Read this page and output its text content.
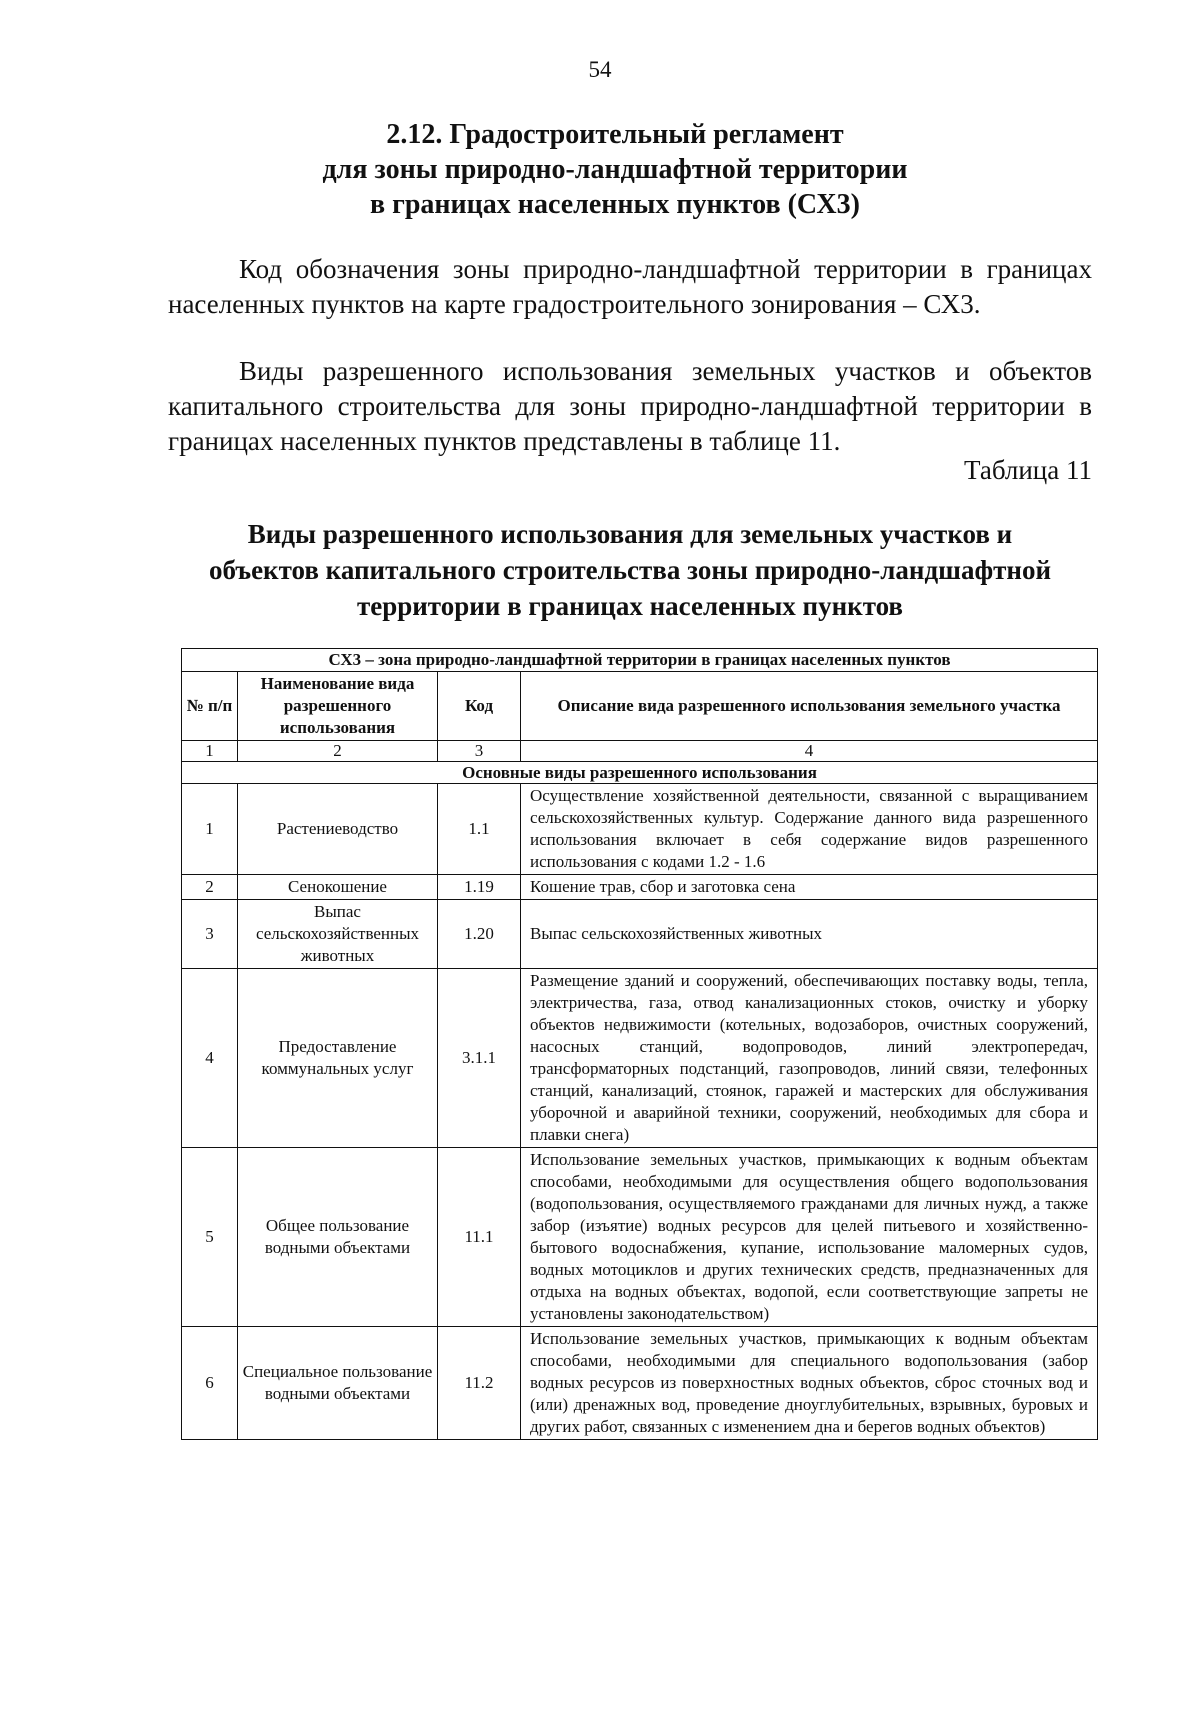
54
2.12. Градостроительный регламент
для зоны природно-ландшафтной территории
в границах населенных пунктов (СХ3)

Код обозначения зоны природно-ландшафтной территории в границах населенных пунктов на карте градостроительного зонирования – СХ3.

Виды разрешенного использования земельных участков и объектов капитального строительства для зоны природно-ландшафтной территории в границах населенных пунктов представлены в таблице 11.

Таблица 11
Виды разрешенного использования для земельных участков и
объектов капитального строительства зоны природно-ландшафтной
территории в границах населенных пунктов
СХ3 – зона природно-ландшафтной территории в границах населенных пунктов			
№ п/п	Наименование вида разрешенного использования	Код	Описание вида разрешенного использования земельного участка
1	2	3	4
Основные виды разрешенного использования			
1	Растениеводство	1.1	Осуществление хозяйственной деятельности, связанной с выращиванием сельскохозяйственных культур. Содержание данного вида разрешенного использования включает в себя содержание видов разрешенного использования с кодами 1.2 - 1.6
2	Сенокошение	1.19	Кошение трав, сбор и заготовка сена
3	Выпас сельскохозяйственных животных	1.20	Выпас сельскохозяйственных животных
4	Предоставление коммунальных услуг	3.1.1	Размещение зданий и сооружений, обеспечивающих поставку воды, тепла, электричества, газа, отвод канализационных стоков, очистку и уборку объектов недвижимости (котельных, водозаборов, очистных сооружений, насосных станций, водопроводов, линий электропередач, трансформаторных подстанций, газопроводов, линий связи, телефонных станций, канализаций, стоянок, гаражей и мастерских для обслуживания уборочной и аварийной техники, сооружений, необходимых для сбора и плавки снега)
5	Общее пользование водными объектами	11.1	Использование земельных участков, примыкающих к водным объектам способами, необходимыми для осуществления общего водопользования (водопользования, осуществляемого гражданами для личных нужд, а также забор (изъятие) водных ресурсов для целей питьевого и хозяйственно-бытового водоснабжения, купание, использование маломерных судов, водных мотоциклов и других технических средств, предназначенных для отдыха на водных объектах, водопой, если соответствующие запреты не установлены законодательством)
6	Специальное пользование водными объектами	11.2	Использование земельных участков, примыкающих к водным объектам способами, необходимыми для специального водопользования (забор водных ресурсов из поверхностных водных объектов, сброс сточных вод и (или) дренажных вод, проведение дноуглубительных, взрывных, буровых и других работ, связанных с изменением дна и берегов водных объектов)
